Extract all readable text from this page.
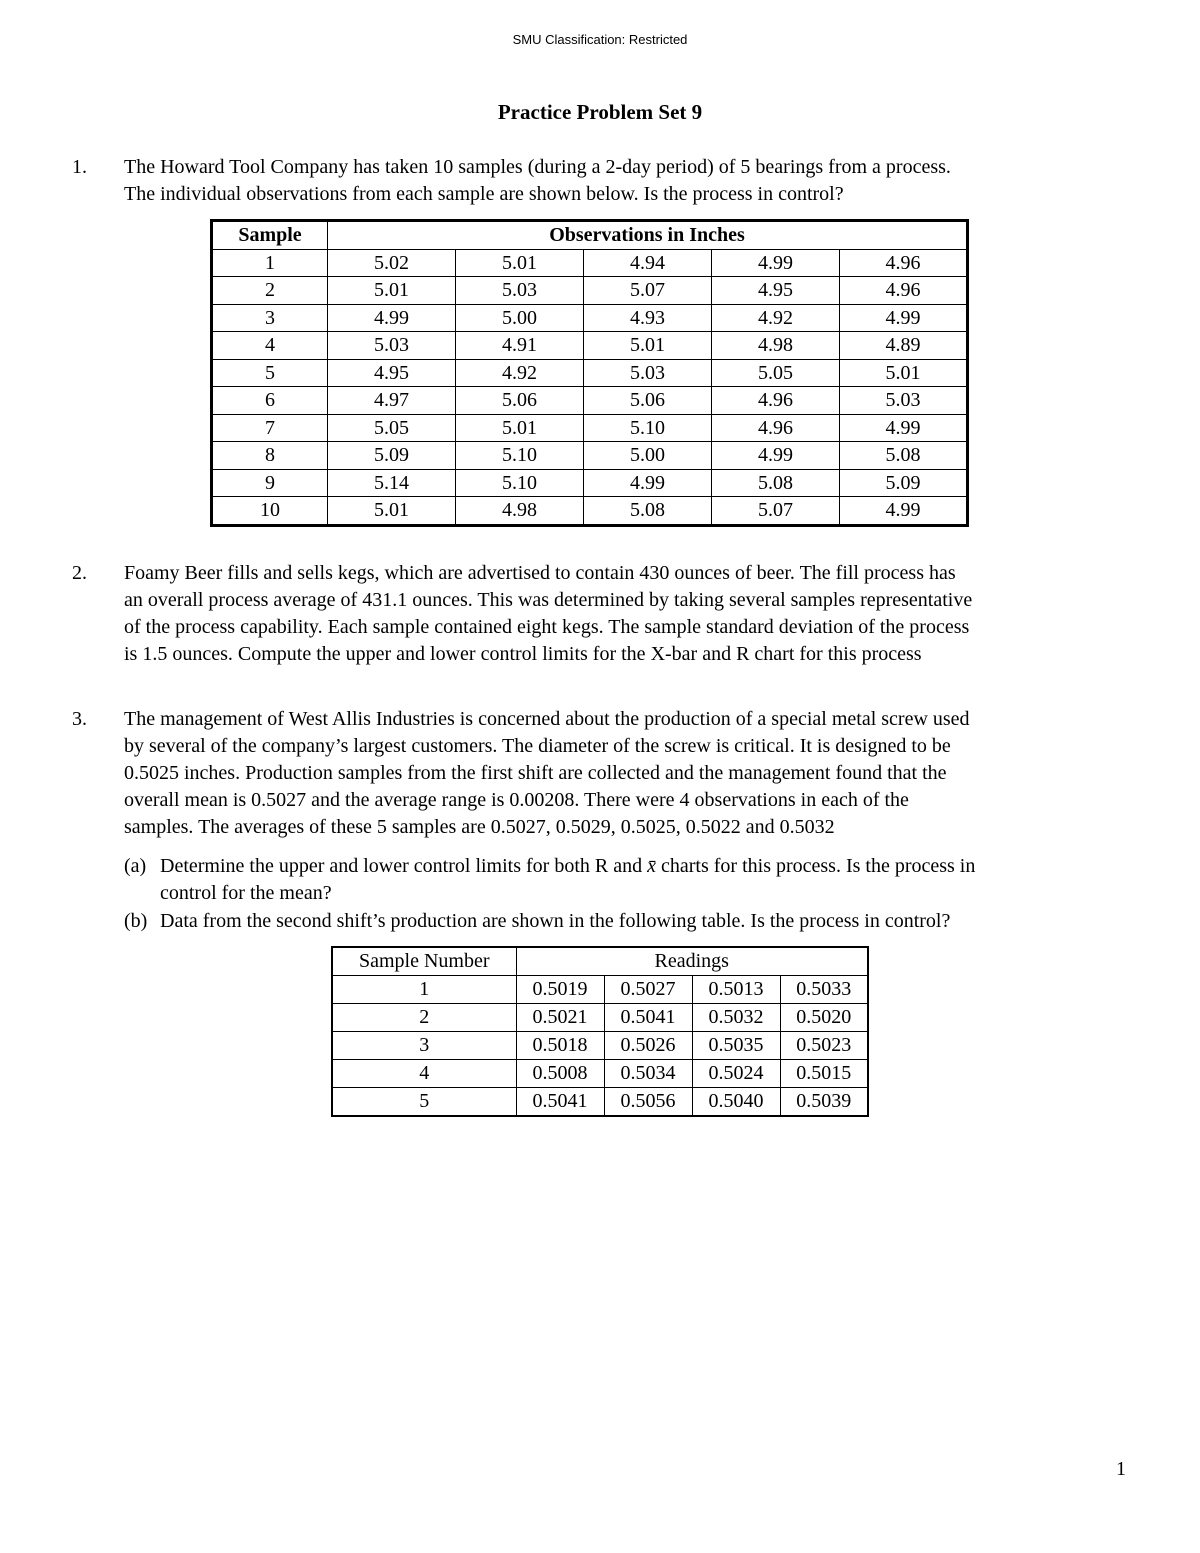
SMU Classification: Restricted
Practice Problem Set 9
1. The Howard Tool Company has taken 10 samples (during a 2-day period) of 5 bearings from a process.

The individual observations from each sample are shown below. Is the process in control?

Sample	Observations in Inches				
1	5.02	5.01	4.94	4.99	4.96
2	5.01	5.03	5.07	4.95	4.96
3	4.99	5.00	4.93	4.92	4.99
4	5.03	4.91	5.01	4.98	4.89
5	4.95	4.92	5.03	5.05	5.01
6	4.97	5.06	5.06	4.96	5.03
7	5.05	5.01	5.10	4.96	4.99
8	5.09	5.10	5.00	4.99	5.08
9	5.14	5.10	4.99	5.08	5.09
10	5.01	4.98	5.08	5.07	4.99
2. Foamy Beer fills and sells kegs, which are advertised to contain 430 ounces of beer. The fill process has

an overall process average of 431.1 ounces. This was determined by taking several samples representative

of the process capability. Each sample contained eight kegs. The sample standard deviation of the process

is 1.5 ounces. Compute the upper and lower control limits for the X-bar and R chart for this process

3. The management of West Allis Industries is concerned about the production of a special metal screw used

by several of the company’s largest customers. The diameter of the screw is critical. It is designed to be

0.5025 inches. Production samples from the first shift are collected and the management found that the

overall mean is 0.5027 and the average range is 0.00208. There were 4 observations in each of the

samples. The averages of these 5 samples are 0.5027, 0.5029, 0.5025, 0.5022 and 0.5032

(a) Determine the upper and lower control limits for both R and x̄ charts for this process. Is the process in
control for the mean?
(b) Data from the second shift’s production are shown in the following table. Is the process in control?
Sample Number	Readings			
1	0.5019	0.5027	0.5013	0.5033
2	0.5021	0.5041	0.5032	0.5020
3	0.5018	0.5026	0.5035	0.5023
4	0.5008	0.5034	0.5024	0.5015
5	0.5041	0.5056	0.5040	0.5039
1
